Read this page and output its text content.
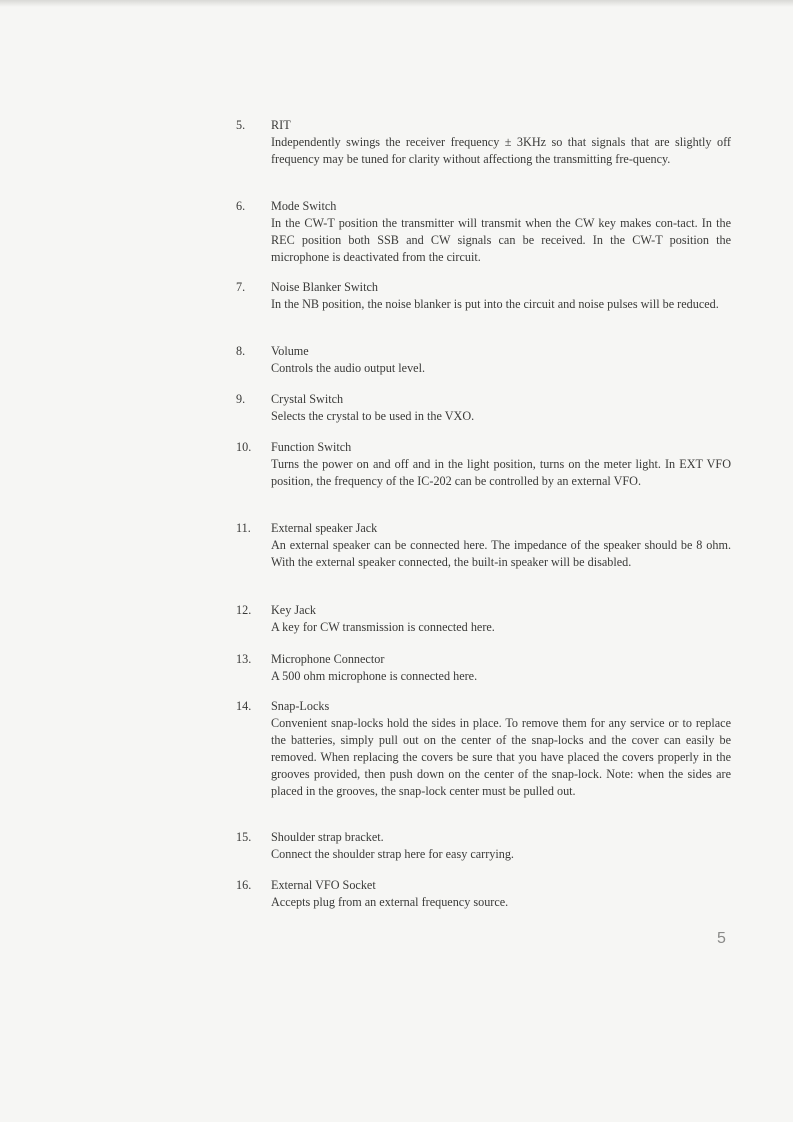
5.	RIT
Independently swings the receiver frequency ± 3KHz so that signals that are slightly off frequency may be tuned for clarity without affectiong the transmitting fre-quency.
6.	Mode Switch
In the CW-T position the transmitter will transmit when the CW key makes con-tact. In the REC position both SSB and CW signals can be received. In the CW-T position the microphone is deactivated from the circuit.
7.	Noise Blanker Switch
In the NB position, the noise blanker is put into the circuit and noise pulses will be reduced.
8.	Volume
Controls the audio output level.
9.	Crystal Switch
Selects the crystal to be used in the VXO.
10.	Function Switch
Turns the power on and off and in the light position, turns on the meter light. In EXT VFO position, the frequency of the IC-202 can be controlled by an external VFO.
11.	External speaker Jack
An external speaker can be connected here. The impedance of the speaker should be 8 ohm. With the external speaker connected, the built-in speaker will be disabled.
12.	Key Jack
A key for CW transmission is connected here.
13.	Microphone Connector
A 500 ohm microphone is connected here.
14.	Snap-Locks
Convenient snap-locks hold the sides in place. To remove them for any service or to replace the batteries, simply pull out on the center of the snap-locks and the cover can easily be removed. When replacing the covers be sure that you have placed the covers properly in the grooves provided, then push down on the center of the snap-lock. Note: when the sides are placed in the grooves, the snap-lock center must be pulled out.
15.	Shoulder strap bracket.
Connect the shoulder strap here for easy carrying.
16.	External VFO Socket
Accepts plug from an external frequency source.
5
